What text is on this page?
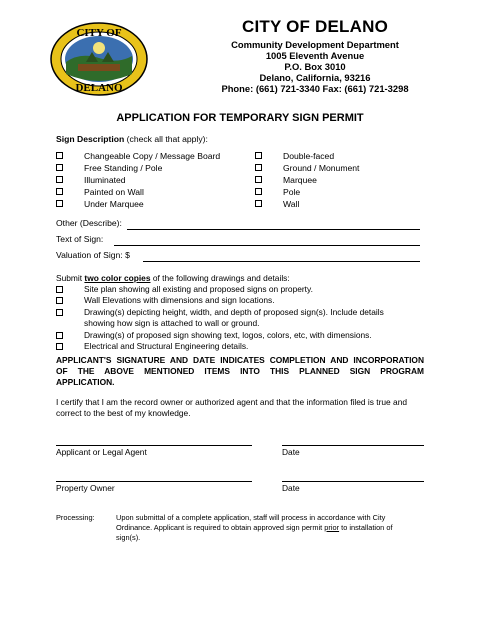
CITY OF
DELANO
CITY OF DELANO
Community Development Department
1005 Eleventh Avenue
P.O. Box 3010
Delano, California, 93216
Phone: (661) 721-3340 Fax: (661) 721-3298
APPLICATION FOR TEMPORARY SIGN PERMIT
Sign Description (check all that apply):
Changeable Copy / Message Board
Free Standing / Pole
Illuminated
Painted on Wall
Under Marquee
Double-faced
Ground / Monument
Marquee
Pole
Wall
Other (Describe):
Text of Sign:
Valuation of Sign: $
Submit two color copies of the following drawings and details:
Site plan showing all existing and proposed signs on property.
Wall Elevations with dimensions and sign locations.
Drawing(s) depicting height, width, and depth of proposed sign(s). Include details
showing how sign is attached to wall or ground.
Drawing(s) of proposed sign showing text, logos, colors, etc, with dimensions.
Electrical and Structural Engineering details.
APPLICANT'S SIGNATURE AND DATE INDICATES COMPLETION AND INCORPORATION
OF THE ABOVE MENTIONED ITEMS INTO THIS PLANNED SIGN PROGRAM
APPLICATION.
I certify that I am the record owner or authorized agent and that the information filed is true and
correct to the best of my knowledge.
Applicant or Legal Agent	Date
Property Owner	Date
Processing:	Upon submittal of a complete application, staff will process in accordance with City
Ordinance. Applicant is required to obtain approved sign permit prior to installation of
sign(s).
